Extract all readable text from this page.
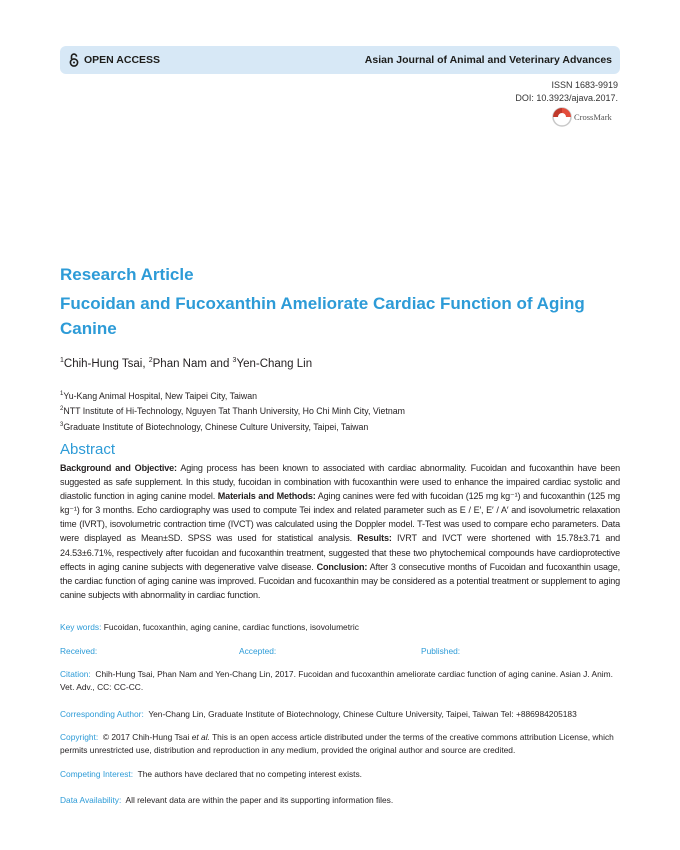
OPEN ACCESS	Asian Journal of Animal and Veterinary Advances
ISSN 1683-9919
DOI: 10.3923/ajava.2017.
CrossMark
Research Article
Fucoidan and Fucoxanthin Ameliorate Cardiac Function of Aging Canine
$^1$Chih-Hung Tsai, $^2$Phan Nam and $^3$Yen-Chang Lin
$^1$Yu-Kang Animal Hospital, New Taipei City, Taiwan
$^2$NTT Institute of Hi-Technology, Nguyen Tat Thanh University, Ho Chi Minh City, Vietnam
$^3$Graduate Institute of Biotechnology, Chinese Culture University, Taipei, Taiwan
Abstract
Background and Objective: Aging process has been known to associated with cardiac abnormality. Fucoidan and fucoxanthin have been suggested as safe supplement. In this study, fucoidan in combination with fucoxanthin were used to enhance the impaired cardiac systolic and diastolic function in aging canine model. Materials and Methods: Aging canines were fed with fucoidan (125 mg kg⁻¹) and fucoxanthin (125 mg kg⁻¹) for 3 months. Echo cardiography was used to compute Tei index and related parameter such as E / E′, E′ / A′ and isovolumetric relaxation time (IVRT), isovolumetric contraction time (IVCT) was calculated using the Doppler model. T-Test was used to compare echo parameters. Data were displayed as Mean±SD. SPSS was used for statistical analysis. Results: IVRT and IVCT were shortened with 15.78±3.71 and 24.53±6.71%, respectively after fucoidan and fucoxanthin treatment, suggested that these two phytochemical compounds have cardioprotective effects in aging canine subjects with degenerative valve disease. Conclusion: After 3 consecutive months of Fucoidan and fucoxanthin usage, the cardiac function of aging canine was improved. Fucoidan and fucoxanthin may be considered as a potential treatment or supplement to aging canine subjects with abnormality in cardiac function.
Key words: Fucoidan, fucoxanthin, aging canine, cardiac functions, isovolumetric
Received:	Accepted:	Published:
Citation: Chih-Hung Tsai, Phan Nam and Yen-Chang Lin, 2017. Fucoidan and fucoxanthin ameliorate cardiac function of aging canine. Asian J. Anim. Vet. Adv., CC: CC-CC.
Corresponding Author: Yen-Chang Lin, Graduate Institute of Biotechnology, Chinese Culture University, Taipei, Taiwan Tel: +886984205183
Copyright: © 2017 Chih-Hung Tsai et al. This is an open access article distributed under the terms of the creative commons attribution License, which permits unrestricted use, distribution and reproduction in any medium, provided the original author and source are credited.
Competing Interest: The authors have declared that no competing interest exists.
Data Availability: All relevant data are within the paper and its supporting information files.
